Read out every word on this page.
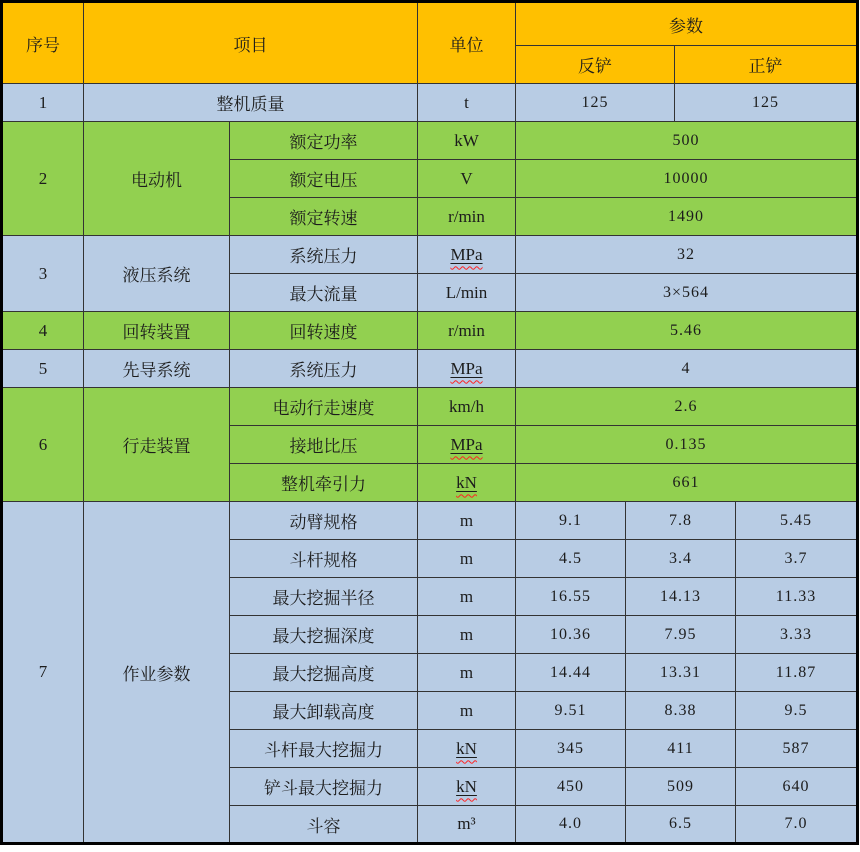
序号	项目		单位	参数			
				反铲		正铲	
1	整机质量		t	125		125	
2	电动机	额定功率	kW	500			
		额定电压	V	10000			
		额定转速	r/min	1490			
3	液压系统	系统压力	MPa	32			
		最大流量	L/min	3×564			
4	回转装置	回转速度	r/min	5.46			
5	先导系统	系统压力	MPa	4			
6	行走装置	电动行走速度	km/h	2.6			
		接地比压	MPa	0.135			
		整机牵引力	kN	661			
7	作业参数	动臂规格	m	9.1	7.8		5.45
		斗杆规格	m	4.5	3.4		3.7
		最大挖掘半径	m	16.55	14.13		11.33
		最大挖掘深度	m	10.36	7.95		3.33
		最大挖掘高度	m	14.44	13.31		11.87
		最大卸载高度	m	9.51	8.38		9.5
		斗杆最大挖掘力	kN	345	411		587
		铲斗最大挖掘力	kN	450	509		640
		斗容	m³	4.0	6.5		7.0
